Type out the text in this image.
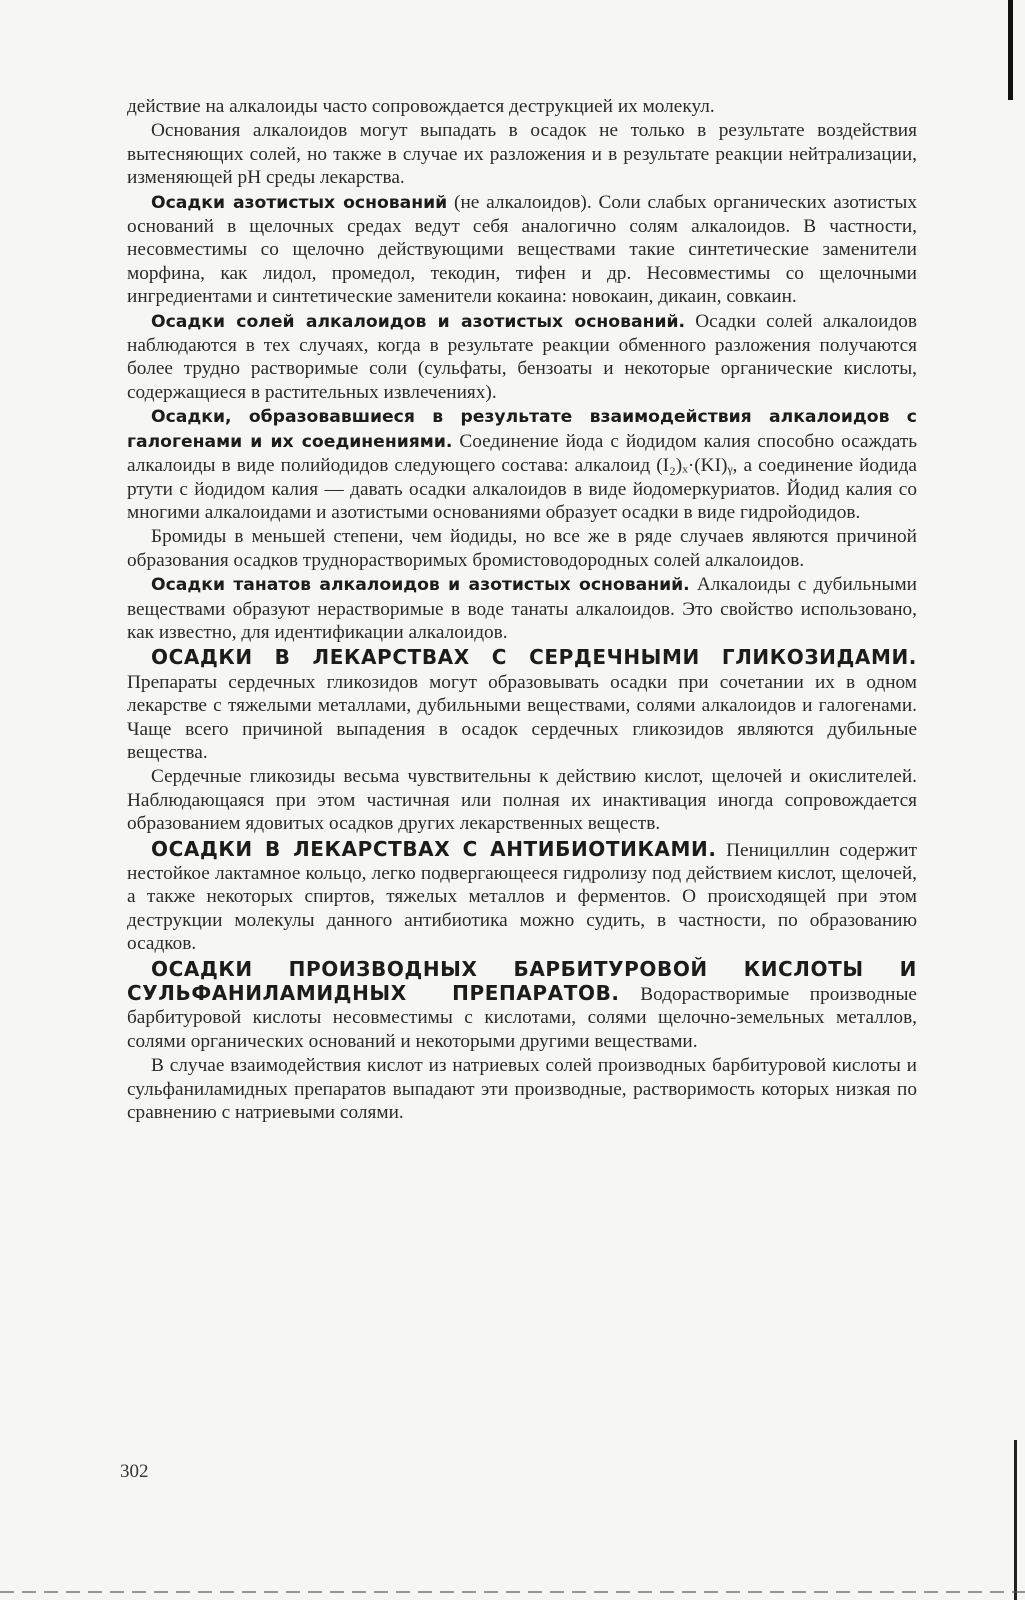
действие на алкалоиды часто сопровождается деструкцией их молекул.

Основания алкалоидов могут выпадать в осадок не только в результате воздействия вытесняющих солей, но также в случае их разложения и в результате реакции нейтрализации, изменяющей pH среды лекарства.

Осадки азотистых оснований (не алкалоидов). Соли слабых органических азотистых оснований в щелочных средах ведут себя аналогично солям алкалоидов. В частности, несовместимы со щелочно действующими веществами такие синтетические заменители морфина, как лидол, промедол, текодин, тифен и др. Несовместимы со щелочными ингредиентами и синтетические заменители кокаина: новокаин, дикаин, совкаин.

Осадки солей алкалоидов и азотистых оснований. Осадки солей алкалоидов наблюдаются в тех случаях, когда в результате реакции обменного разложения получаются более трудно растворимые соли (сульфаты, бензоаты и некоторые органические кислоты, содержащиеся в растительных извлечениях).

Осадки, образовавшиеся в результате взаимодействия алкалоидов с галогенами и их соединениями. Соединение йода с йодидом калия способно осаждать алкалоиды в виде полийодидов следующего состава: алкалоид (I₂)ₓ·(KI)ᵧ, а соединение йодида ртути с йодидом калия — давать осадки алкалоидов в виде йодомеркуриатов. Йодид калия со многими алкалоидами и азотистыми основаниями образует осадки в виде гидройодидов.

Бромиды в меньшей степени, чем йодиды, но все же в ряде случаев являются причиной образования осадков труднорастворимых бромистоводородных солей алкалоидов.

Осадки танатов алкалоидов и азотистых оснований. Алкалоиды с дубильными веществами образуют нерастворимые в воде танаты алкалоидов. Это свойство использовано, как известно, для идентификации алкалоидов.

ОСАДКИ В ЛЕКАРСТВАХ С СЕРДЕЧНЫМИ ГЛИКОЗИДАМИ. Препараты сердечных гликозидов могут образовывать осадки при сочетании их в одном лекарстве с тяжелыми металлами, дубильными веществами, солями алкалоидов и галогенами. Чаще всего причиной выпадения в осадок сердечных гликозидов являются дубильные вещества.

Сердечные гликозиды весьма чувствительны к действию кислот, щелочей и окислителей. Наблюдающаяся при этом частичная или полная их инактивация иногда сопровождается образованием ядовитых осадков других лекарственных веществ.

ОСАДКИ В ЛЕКАРСТВАХ С АНТИБИОТИКАМИ. Пенициллин содержит нестойкое лактамное кольцо, легко подвергающееся гидролизу под действием кислот, щелочей, а также некоторых спиртов, тяжелых металлов и ферментов. О происходящей при этом деструкции молекулы данного антибиотика можно судить, в частности, по образованию осадков.

ОСАДКИ ПРОИЗВОДНЫХ БАРБИТУРОВОЙ КИСЛОТЫ И СУЛЬФАНИЛАМИДНЫХ ПРЕПАРАТОВ. Водорастворимые производные барбитуровой кислоты несовместимы с кислотами, солями щелочно-земельных металлов, солями органических оснований и некоторыми другими веществами.

В случае взаимодействия кислот из натриевых солей производных барбитуровой кислоты и сульфаниламидных препаратов выпадают эти производные, растворимость которых низкая по сравнению с натриевыми солями.

302
